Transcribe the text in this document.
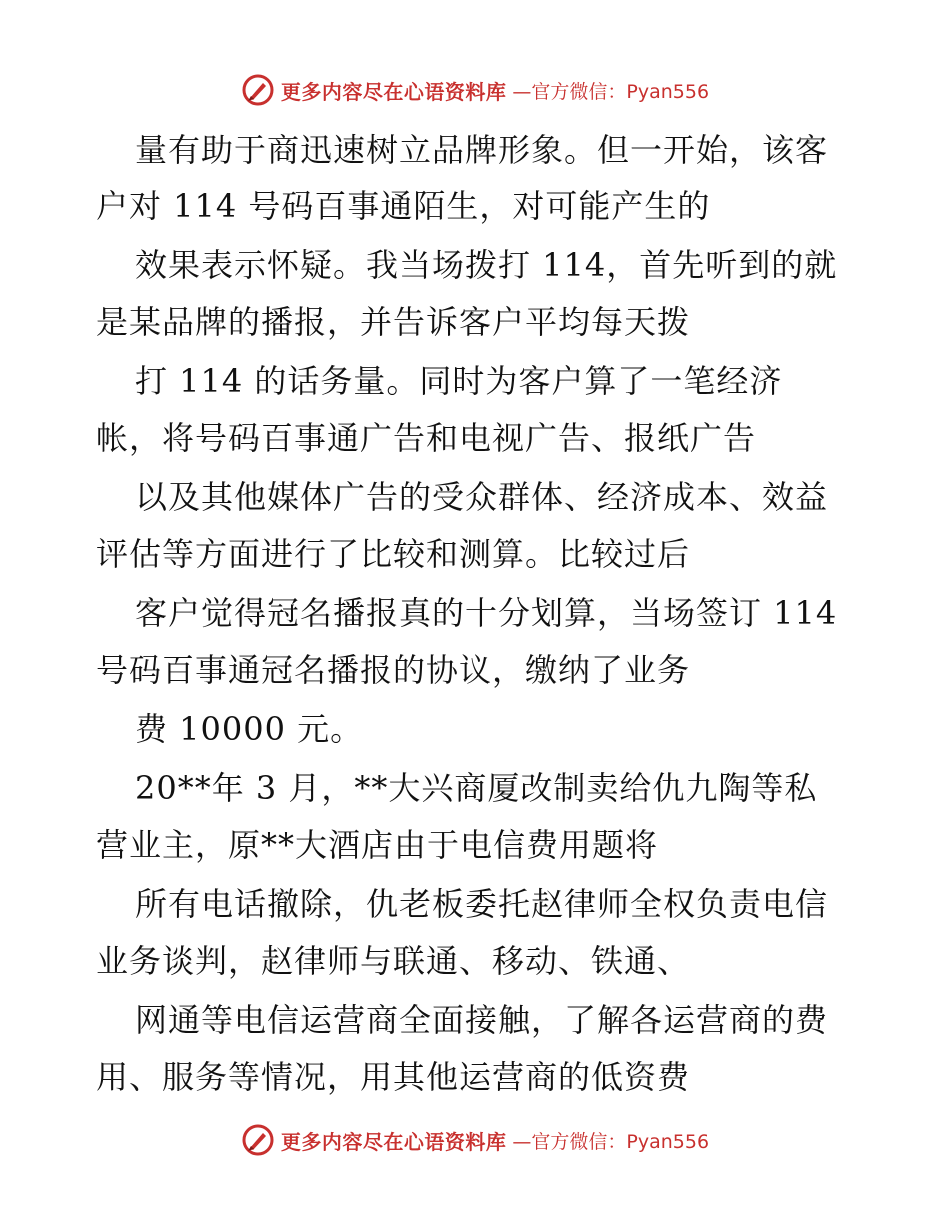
更多内容尽在心语资料库 —官方微信：Pyan556
量有助于商迅速树立品牌形象。但一开始，该客
户对 114 号码百事通陌生，对可能产生的
效果表示怀疑。我当场拨打 114，首先听到的就
是某品牌的播报，并告诉客户平均每天拨
打 114 的话务量。同时为客户算了一笔经济
帐，将号码百事通广告和电视广告、报纸广告
以及其他媒体广告的受众群体、经济成本、效益
评估等方面进行了比较和测算。比较过后
客户觉得冠名播报真的十分划算，当场签订 114
号码百事通冠名播报的协议，缴纳了业务
费 10000 元。
20**年 3 月，**大兴商厦改制卖给仇九陶等私
营业主，原**大酒店由于电信费用题将
所有电话撤除，仇老板委托赵律师全权负责电信
业务谈判，赵律师与联通、移动、铁通、
网通等电信运营商全面接触，了解各运营商的费
用、服务等情况，用其他运营商的低资费
更多内容尽在心语资料库 —官方微信：Pyan556
